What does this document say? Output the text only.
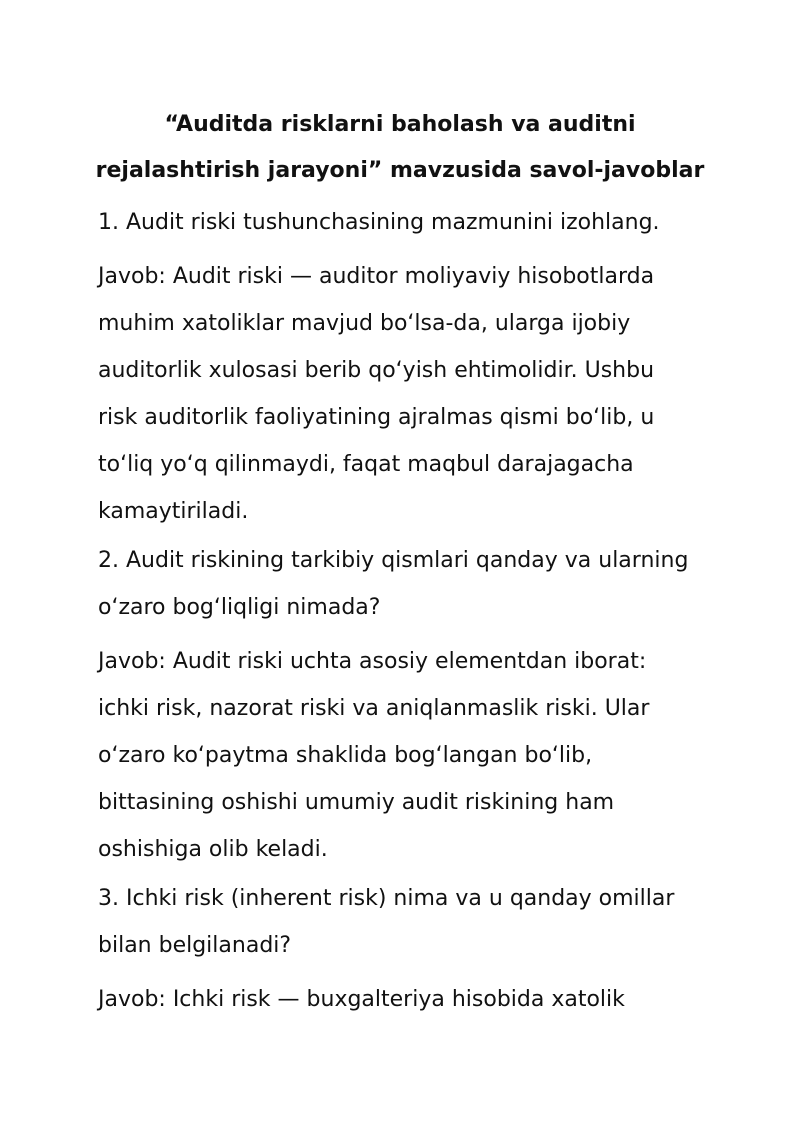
“Auditda risklarni baholash va auditni
rejalashtirish jarayoni” mavzusida savol-javoblar

1. Audit riski tushunchasining mazmunini izohlang.

Javob: Audit riski — auditor moliyaviy hisobotlarda
muhim xatoliklar mavjud bo‘lsa-da, ularga ijobiy
auditorlik xulosasi berib qo‘yish ehtimolidir. Ushbu
risk auditorlik faoliyatining ajralmas qismi bo‘lib, u
to‘liq yo‘q qilinmaydi, faqat maqbul darajagacha
kamaytiriladi.

2. Audit riskining tarkibiy qismlari qanday va ularning
o‘zaro bog‘liqligi nimada?

Javob: Audit riski uchta asosiy elementdan iborat:
ichki risk, nazorat riski va aniqlanmaslik riski. Ular
o‘zaro ko‘paytma shaklida bog‘langan bo‘lib,
bittasining oshishi umumiy audit riskining ham
oshishiga olib keladi.

3. Ichki risk (inherent risk) nima va u qanday omillar
bilan belgilanadi?

Javob: Ichki risk — buxgalteriya hisobida xatolik
